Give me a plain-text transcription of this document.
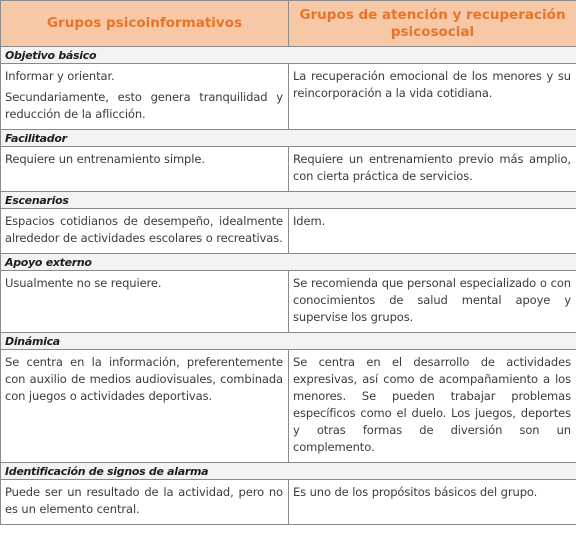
Grupos psicoinformativos	Grupos de atención y recuperación psicosocial
Objetivo básico	

Informar y orientar.

Secundariamente, esto genera tranquilidad y reducción de la aflicción.	La recuperación emocional de los menores y su reincorporación a la vida cotidiana.

Facilitador	

Requiere un entrenamiento simple.	Requiere un entrenamiento previo más amplio, con cierta práctica de servicios.

Escenarios	

Espacios cotidianos de desempeño, idealmente alrededor de actividades escolares o recreativas.	Idem.

Apoyo externo	

Usualmente no se requiere.	Se recomienda que personal especializado o con conocimientos de salud mental apoye y supervise los grupos.

Dinámica	

Se centra en la información, preferentemente con auxilio de medios audiovisuales, combinada con juegos o actividades deportivas.	Se centra en el desarrollo de actividades expresivas, así como de acompañamiento a los menores. Se pueden trabajar problemas específicos como el duelo. Los juegos, deportes y otras formas de diversión son un complemento.

Identificación de signos de alarma	

Puede ser un resultado de la actividad, pero no es un elemento central.	Es uno de los propósitos básicos del grupo.
